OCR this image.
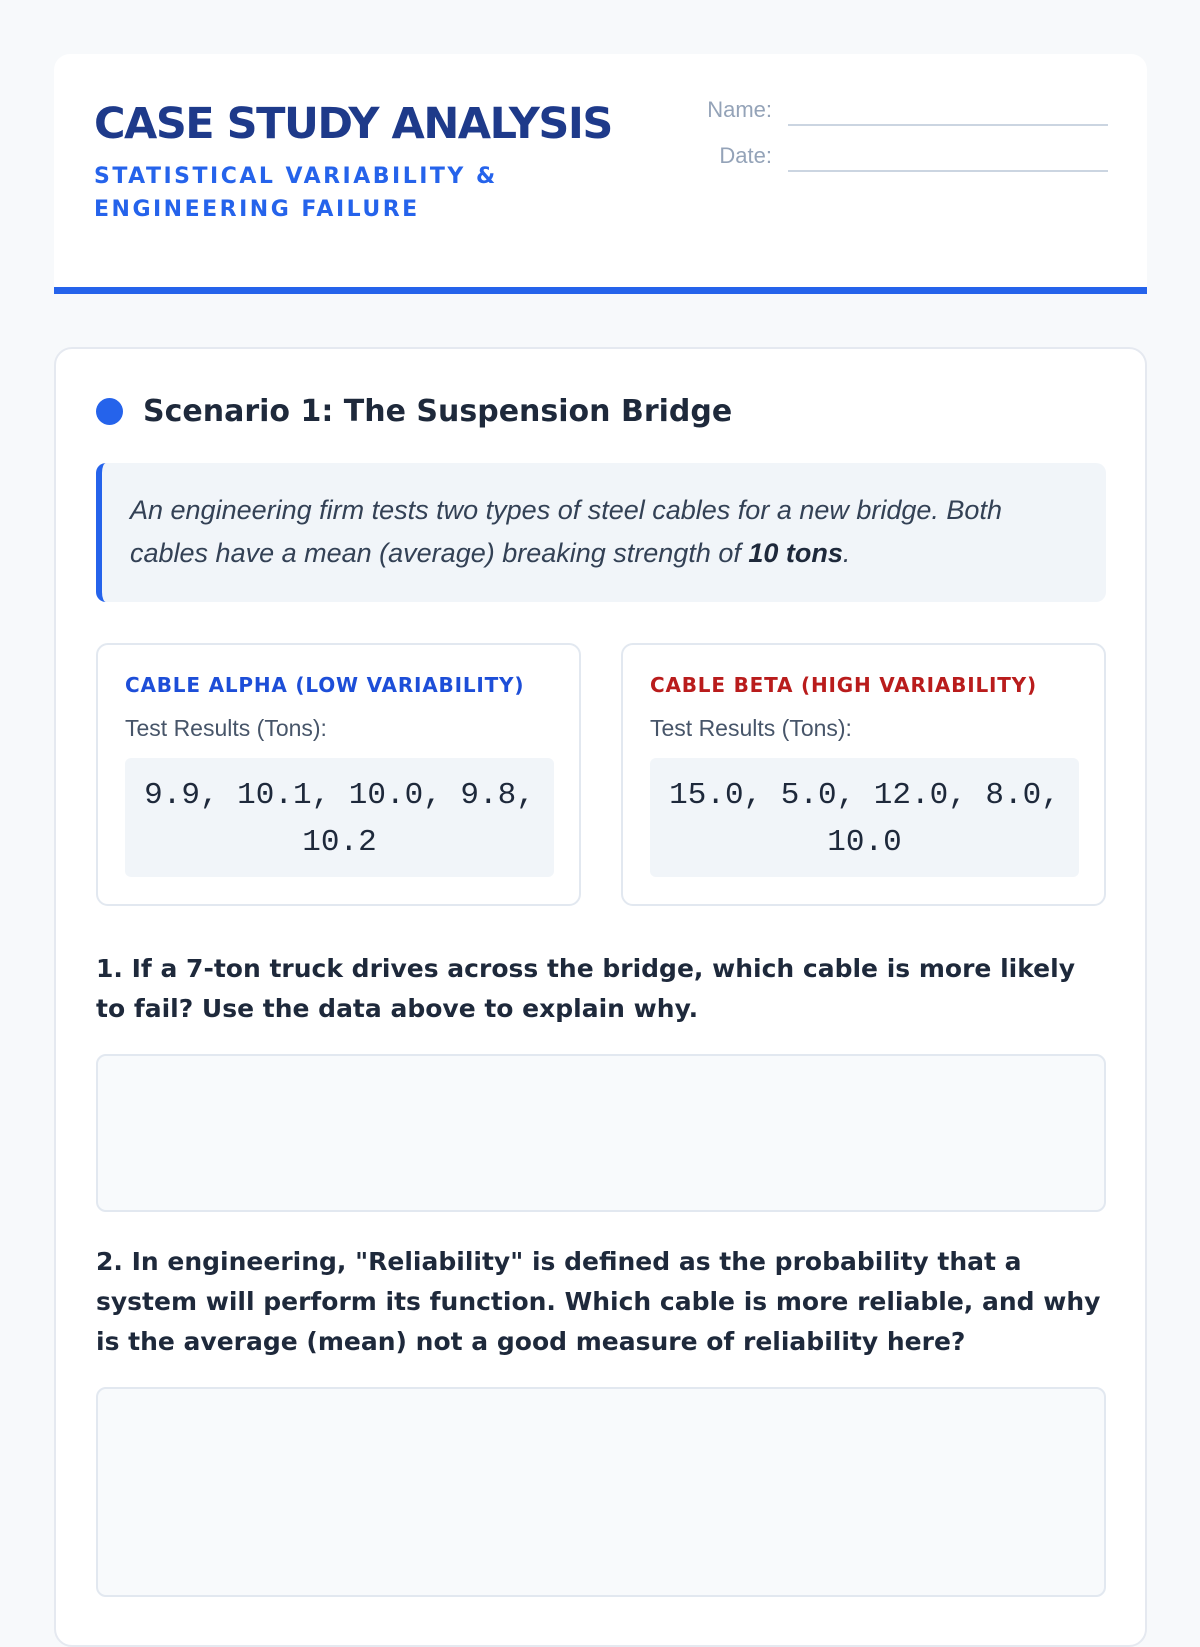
CASE STUDY ANALYSIS
STATISTICAL VARIABILITY & ENGINEERING FAILURE
Name:
Date:
Scenario 1: The Suspension Bridge
An engineering firm tests two types of steel cables for a new bridge. Both cables have a mean (average) breaking strength of 10 tons.
CABLE ALPHA (LOW VARIABILITY)
Test Results (Tons):
9.9, 10.1, 10.0, 9.8, 10.2
CABLE BETA (HIGH VARIABILITY)
Test Results (Tons):
15.0, 5.0, 12.0, 8.0, 10.0

1. If a 7-ton truck drives across the bridge, which cable is more likely to fail? Use the data above to explain why.

2. In engineering, "Reliability" is defined as the probability that a system will perform its function. Which cable is more reliable, and why is the average (mean) not a good measure of reliability here?
